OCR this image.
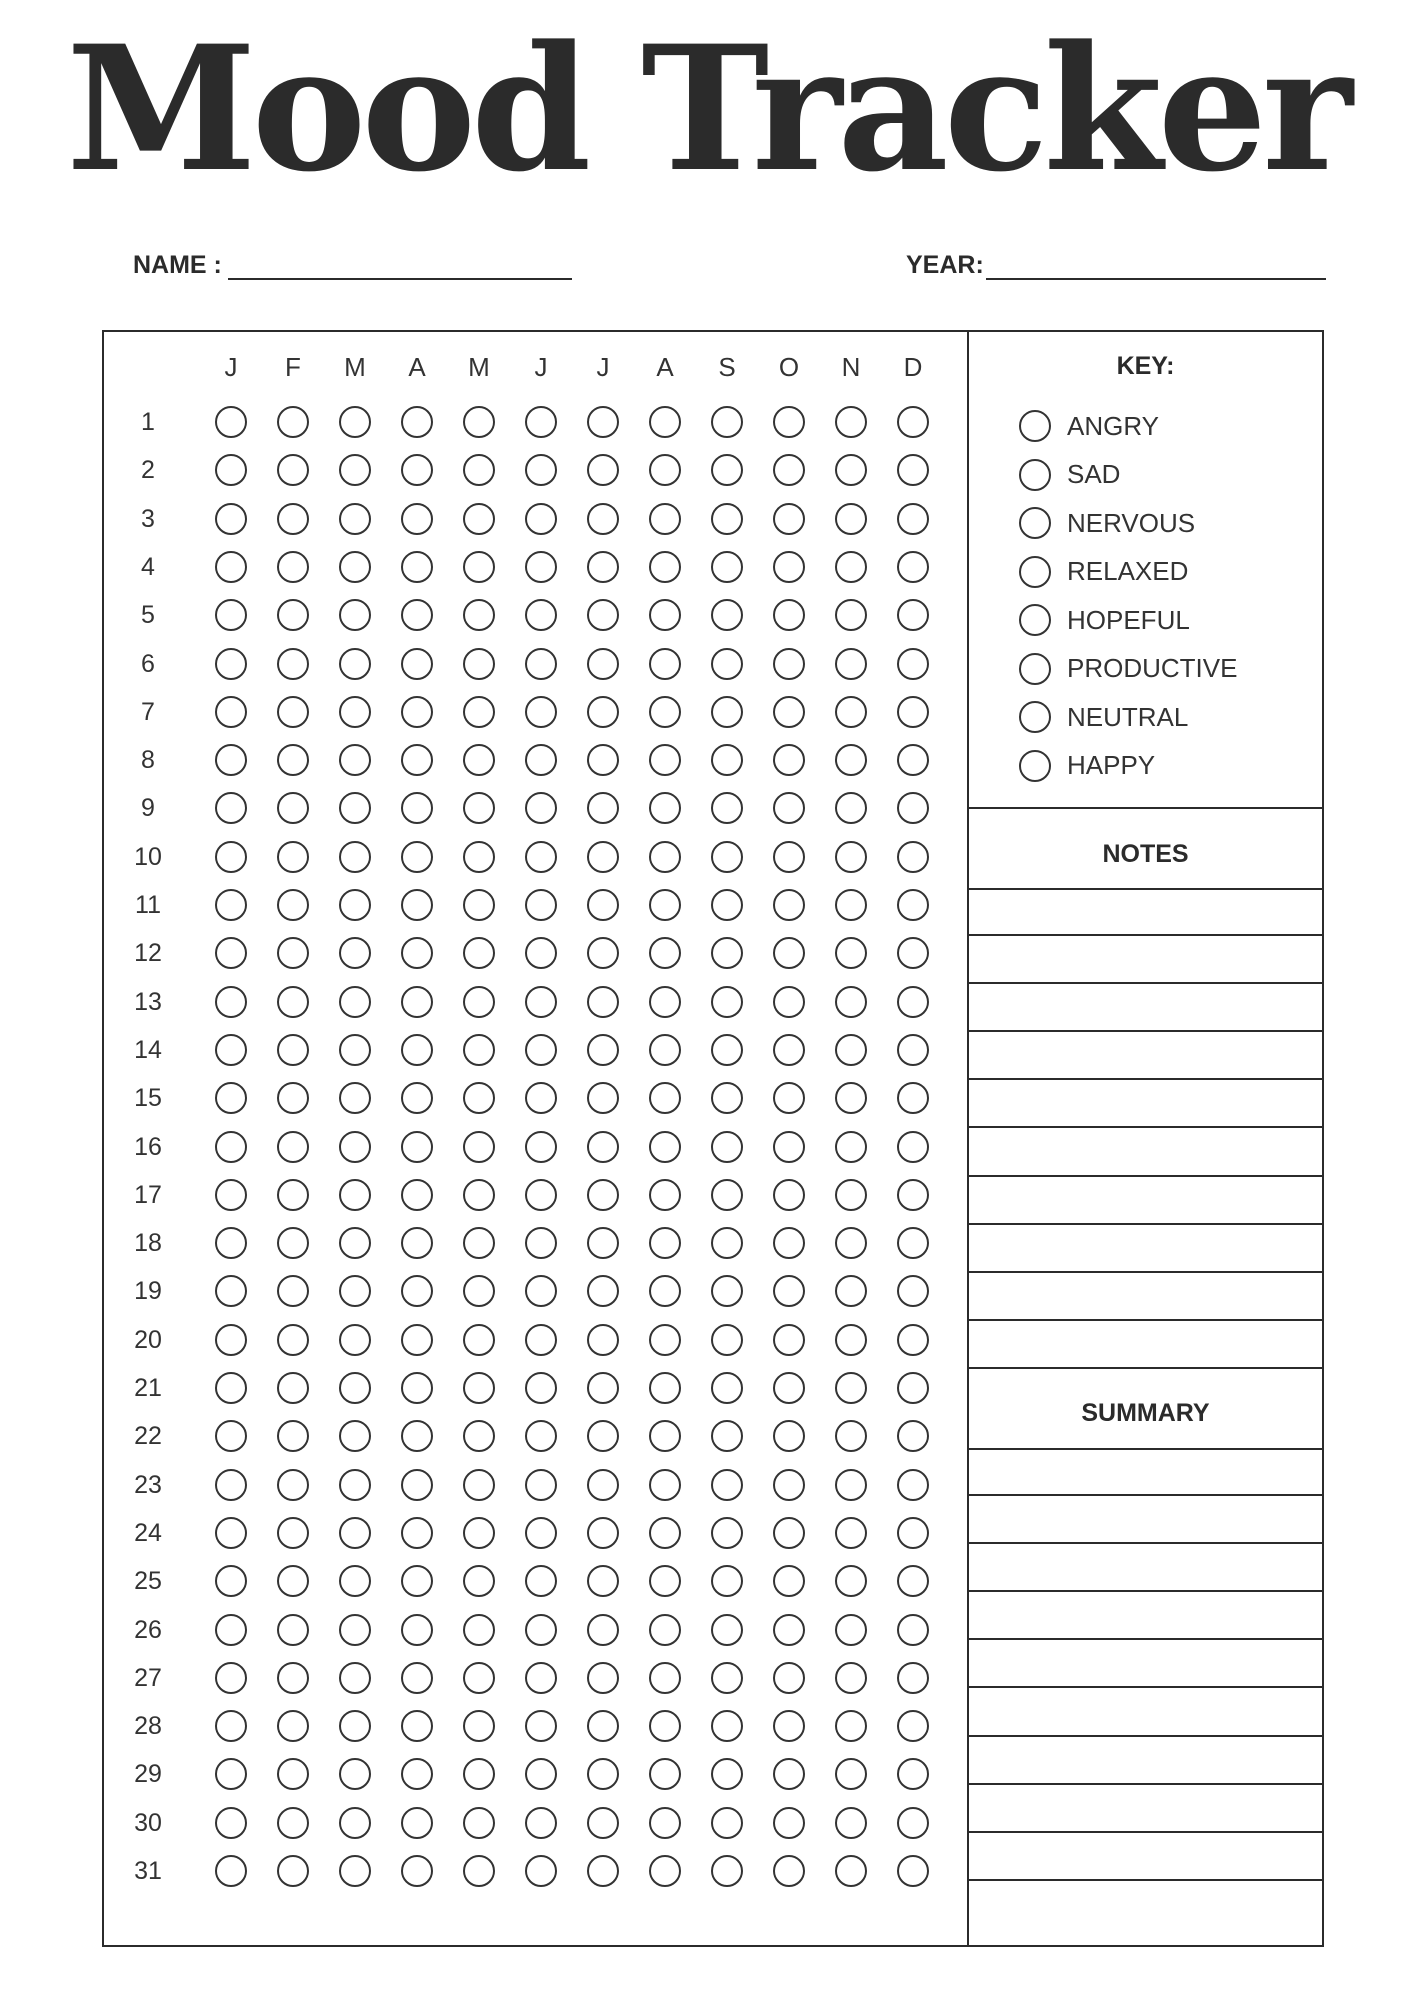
Mood Tracker
NAME :	YEAR:
J	F	M	A	M	J	J	A	S	O	N	D
1
2
3
4
5
6
7
8
9
10
11
12
13
14
15
16
17
18
19
20
21
22
23
24
25
26
27
28
29
30
31
KEY:
ANGRY
SAD
NERVOUS
RELAXED
HOPEFUL
PRODUCTIVE
NEUTRAL
HAPPY
NOTES
SUMMARY
